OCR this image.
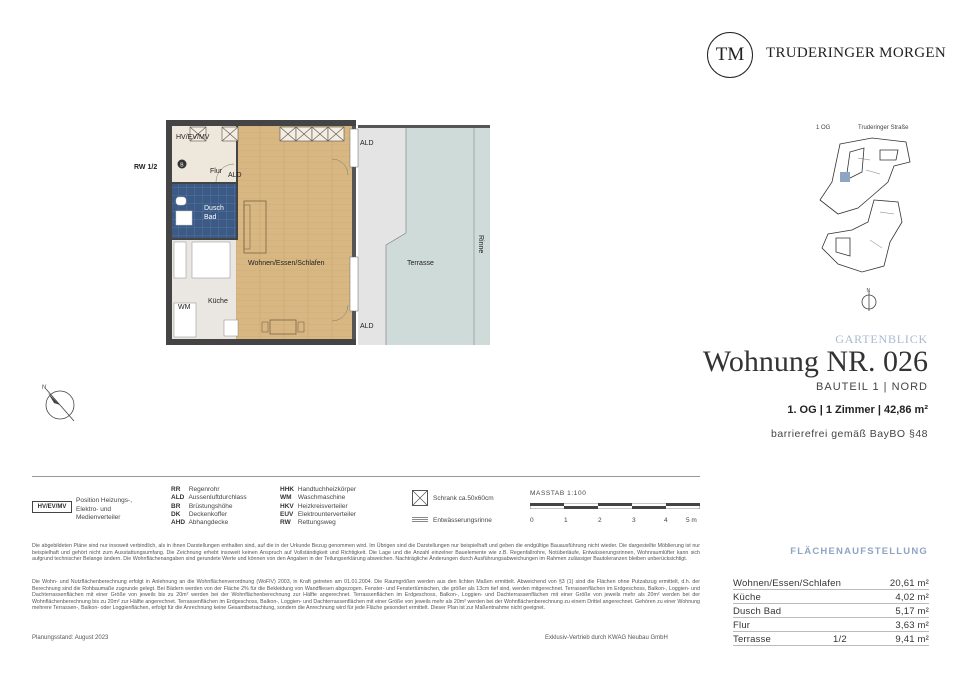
TM	TRUDERINGER MORGEN
Rinne
RW 1/2	B
Flur
Dusch
Bad
Wohnen/Essen/Schlafen
Küche
Terrasse
ALD
ALD
ALD
HV/EV/MV
WM
N
1 OG	Truderinger Straße
N
GARTENBLICK
Wohnung NR. 026
BAUTEIL 1 | NORD
1. OG | 1 Zimmer | 42,86 m²
barrierefrei gemäß BayBO §48
HV/EV/MV
Position Heizungs-, Elektro- und Medienverteiler
RR Regenrohr
ALD Aussenluftdurchlass
BR Brüstungshöhe
DK Deckenkoffer
AHD Abhangdecke
HHK Handtuchheizkörper
WM Waschmaschine
HKV Heizkreisverteiler
EUV Elektrounterverteiler
RW Rettungsweg
Schrank ca.50x60cm
Entwässerungsrinne
MASSTAB 1:100
0	1	2	3	4	5 m
Die abgebildeten Pläne sind nur insoweit verbindlich, als in ihnen Darstellungen enthalten sind, auf die in der Urkunde Bezug genommen wird. Im Übrigen sind die Darstellungen nur beispielhaft und geben die endgültige Bauausführung nicht wieder. Die dargestellte Möblierung ist nur beispielhaft und gehört nicht zum Ausstattungsumfang. Die Zeichnung erhebt insoweit keinen Anspruch auf Vollständigkeit und Richtigkeit. Die Lage und die Anzahl einzelner Bauelemente wie z.B. Regenfallrohre, Notüberläufe, Entwässerungsrinnen, Wohnraumlüfter kann sich aufgrund technischer Belange ändern. Die Wohnflächenangaben sind gerundete Werte und können von den Angaben in der Teilungserklärung abweichen. Nachträgliche Änderungen durch Ausführungsabweichungen im Rahmen zulässiger Bautoleranzen bleiben unberücksichtigt.
Die Wohn- und Nutzflächenberechnung erfolgt in Anlehnung an die Wohnflächenverordnung (WoFlV) 2003, in Kraft getreten am 01.01.2004. Die Raumgrößen werden aus den lichten Maßen ermittelt. Abweichend von §3 (1) sind die Flächen ohne Putzabzug ermittelt, d.h. der Berechnung sind die Rohbaumaße zugrunde gelegt. Bei Bädern werden von der Fläche 2% für die Bekleidung von Wandfliesen abgezogen. Fenster- und Fenstertürnischen, die größer als 13cm tief sind, werden mitgerechnet. Terrassenflächen im Erdgeschoss, Balkon-, Loggien- und Dachterrassenflächen mit einer Größe von jeweils bis zu 20m² werden bei der Wohnflächenberechnung zur Hälfte angerechnet. Terrassenflächen im Erdgeschoss, Balkon-, Loggien- und Dachterrassenflächen mit einer Größe von jeweils mehr als 20m² werden bei der Wohnflächenberechnung bis zu 20m² zur Hälfte angerechnet. Terrassenflächen im Erdgeschoss, Balkon-, Loggien- und Dachterrassenflächen mit einer Größe von jeweils mehr als 20m² werden bei der Wohnflächenberechnung zu einem Drittel angerechnet. Gehören zu einer Wohnung mehrere Terrassen-, Balkon- oder Loggienflächen, erfolgt für die Anrechnung keine Gesamtbetrachtung, sondern die Anrechnung wird für jede Fläche gesondert ermittelt. Dieser Plan ist zur Maßentnahme nicht geeignet.
Planungsstand: August 2023	Exklusiv-Vertrieb durch KWAG Neubau GmbH
FLÄCHENAUFSTELLUNG
Wohnen/Essen/Schlafen	20,61 m²
Küche	4,02 m²
Dusch Bad	5,17 m²
Flur	3,63 m²
Terrasse	1/2	9,41 m²
